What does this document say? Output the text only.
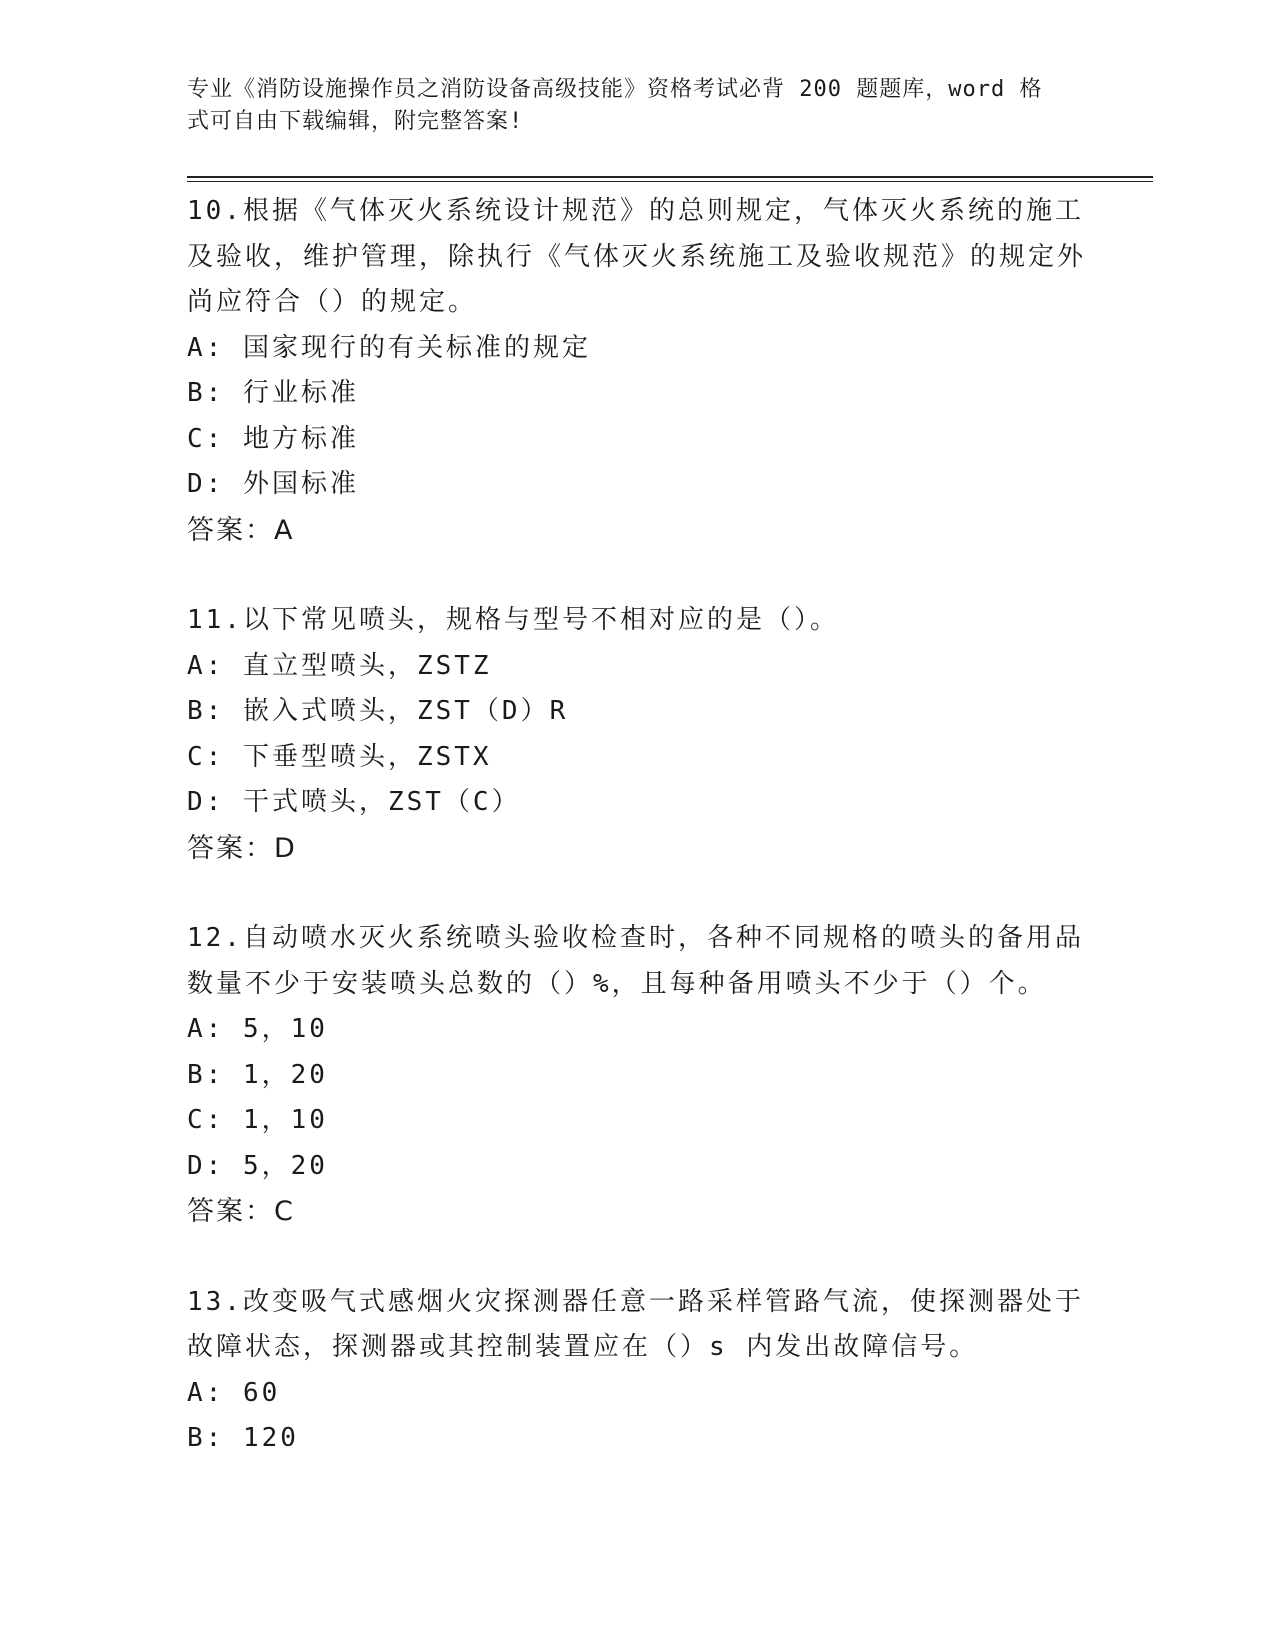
专业《消防设施操作员之消防设备高级技能》资格考试必背 200 题题库，word 格
式可自由下载编辑，附完整答案!
10.根据《气体灭火系统设计规范》的总则规定，气体灭火系统的施工及验收，维护管理，除执行《气体灭火系统施工及验收规范》的规定外尚应符合（）的规定。
A: 国家现行的有关标准的规定
B: 行业标准
C: 地方标准
D: 外国标准
答案：A
11.以下常见喷头，规格与型号不相对应的是（）。
A: 直立型喷头，ZSTZ
B: 嵌入式喷头，ZST（D）R
C: 下垂型喷头，ZSTX
D: 干式喷头，ZST（C）
答案：D
12.自动喷水灭火系统喷头验收检查时，各种不同规格的喷头的备用品数量不少于安装喷头总数的（）%，且每种备用喷头不少于（）个。
A: 5，10
B: 1，20
C: 1，10
D: 5，20
答案：C
13.改变吸气式感烟火灾探测器任意一路采样管路气流，使探测器处于故障状态，探测器或其控制装置应在（）s 内发出故障信号。
A: 60
B: 120
